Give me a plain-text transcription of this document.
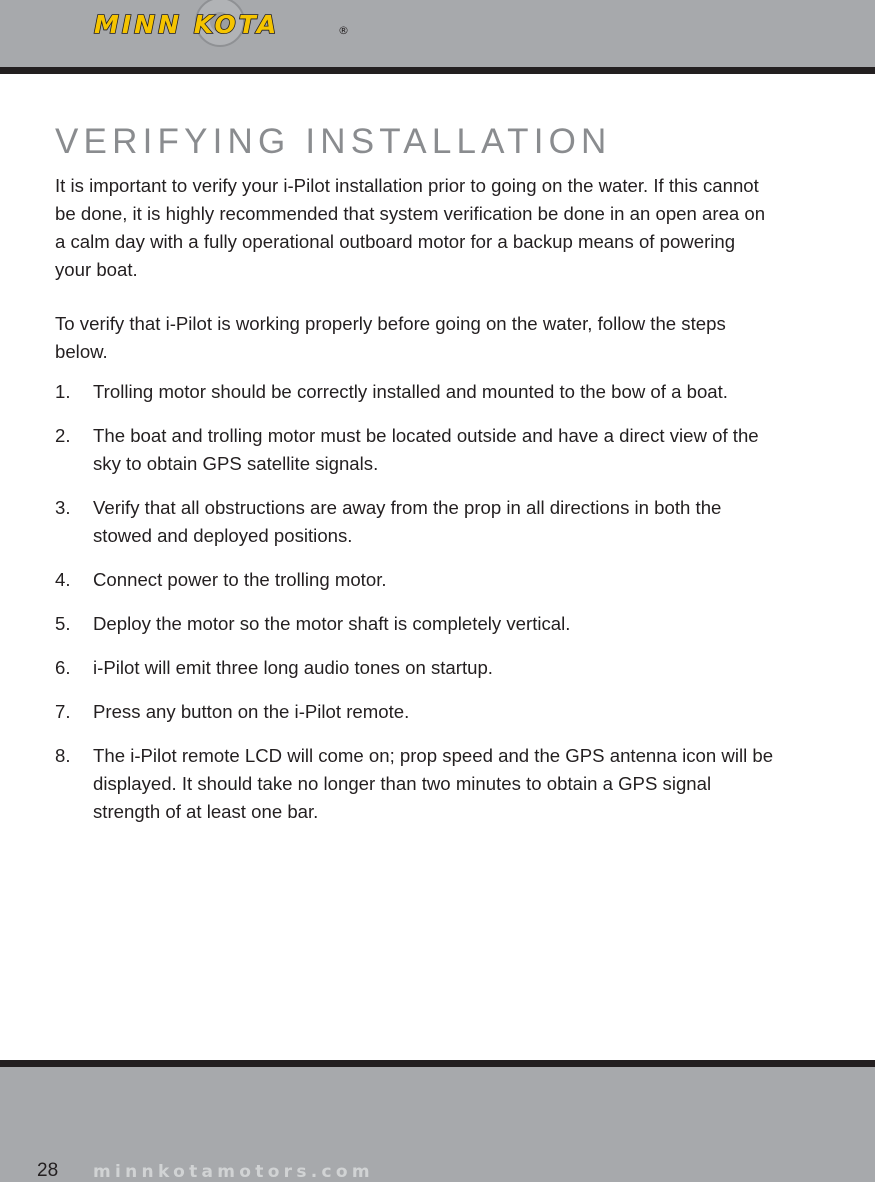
MINN KOTA	®
VERIFYING INSTALLATION

It is important to verify your i-Pilot installation prior to going on the water. If this cannot be done, it is highly recommended that system verification be done in an open area on a calm day with a fully operational outboard motor for a backup means of powering your boat.

To verify that i-Pilot is working properly before going on the water, follow the steps below.

1. Trolling motor should be correctly installed and mounted to the bow of a boat.
2. The boat and trolling motor must be located outside and have a direct view of the sky to obtain GPS satellite signals.
3. Verify that all obstructions are away from the prop in all directions in both the stowed and deployed positions.
4. Connect power to the trolling motor.
5. Deploy the motor so the motor shaft is completely vertical.
6. i-Pilot will emit three long audio tones on startup.
7. Press any button on the i-Pilot remote.
8. The i-Pilot remote LCD will come on; prop speed and the GPS antenna icon will be displayed. It should take no longer than two minutes to obtain a GPS signal strength of at least one bar.
28 minnkotamotors.com
